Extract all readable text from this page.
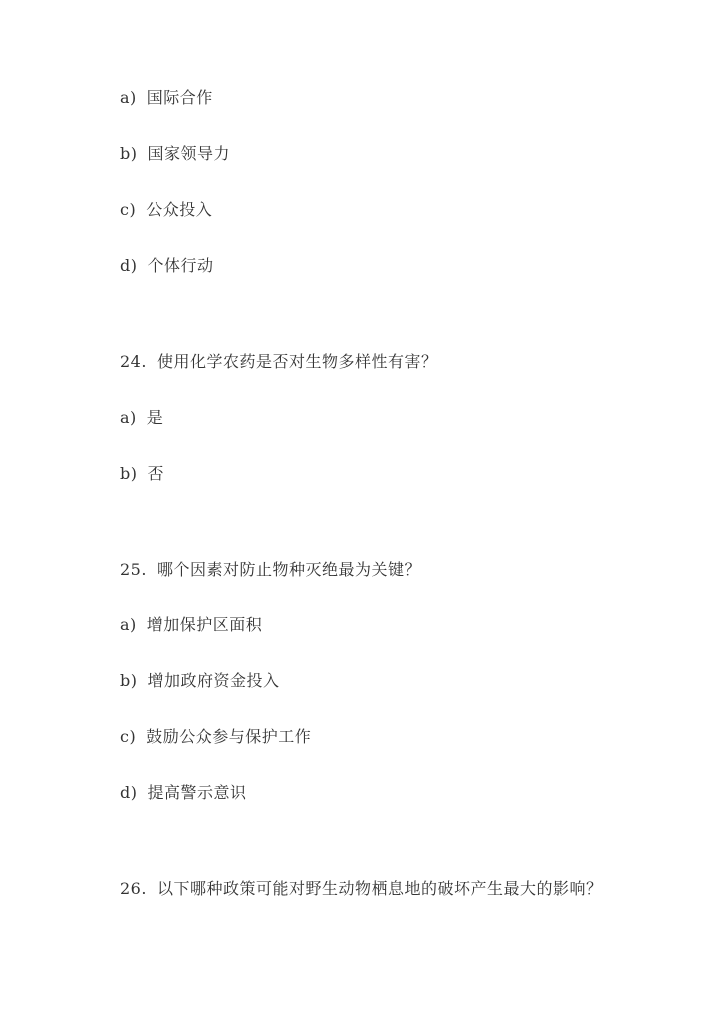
a) 国际合作
b) 国家领导力
c) 公众投入
d) 个体行动
24. 使用化学农药是否对生物多样性有害？
a) 是
b) 否
25. 哪个因素对防止物种灭绝最为关键？
a) 增加保护区面积
b) 增加政府资金投入
c) 鼓励公众参与保护工作
d) 提高警示意识
26. 以下哪种政策可能对野生动物栖息地的破坏产生最大的影响？
